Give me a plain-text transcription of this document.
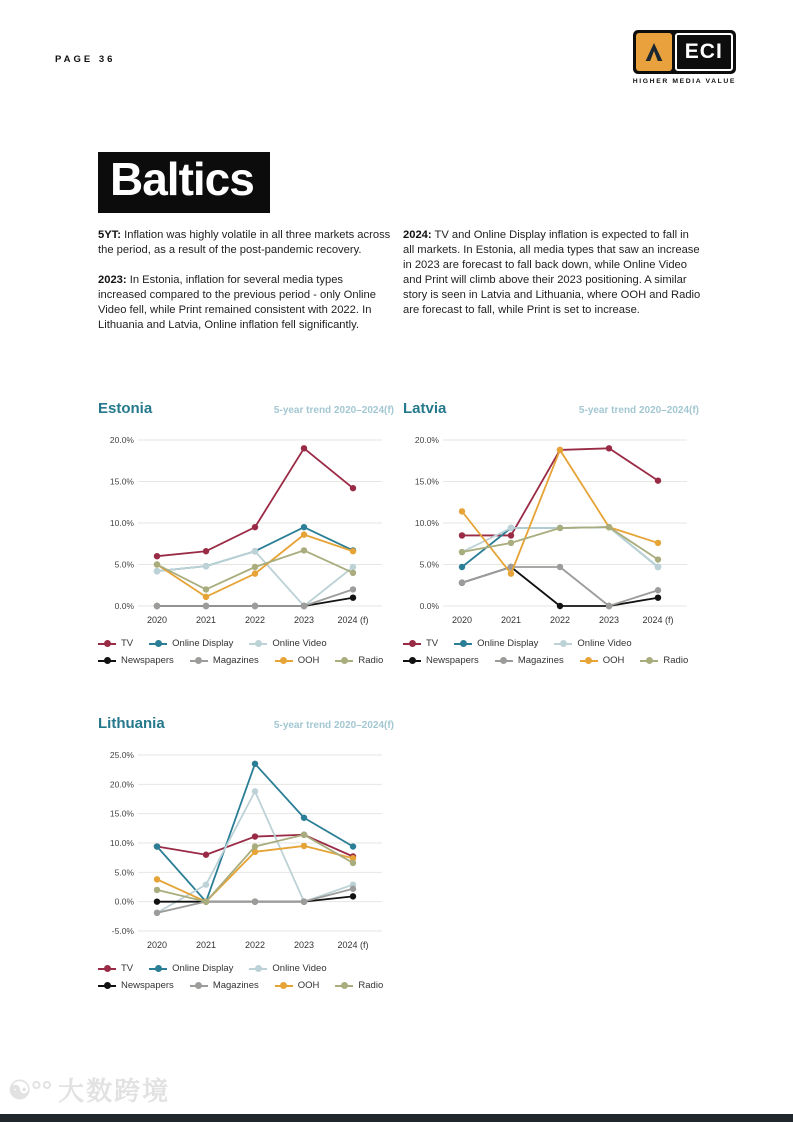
PAGE 36	ECI
HIGHER MEDIA VALUE
Baltics

5YT: Inflation was highly volatile in all three markets across the period, as a result of the post-pandemic recovery.

2023: In Estonia, inflation for several media types increased compared to the previous period - only Online Video fell, while Print remained consistent with 2022. In Lithuania and Latvia, Online inflation fell significantly.

2024: TV and Online Display inflation is expected to fall in all markets. In Estonia, all media types that saw an increase in 2023 are forecast to fall back down, while Online Video and Print will climb above their 2023 positioning. A similar story is seen in Latvia and Lithuania, where OOH and Radio are forecast to fall, while Print is set to increase.

Estonia	5-year trend 2020–2024(f)
20.0%
15.0%
10.0%
5.0%
0.0%
2020	2021	2022	2023	2024 (f)
TV	Online Display	Online Video
Newspapers	Magazines	OOH	Radio
Latvia	5-year trend 2020–2024(f)
20.0%
15.0%
10.0%
5.0%
0.0%
2020	2021	2022	2023	2024 (f)
TV	Online Display	Online Video
Newspapers	Magazines	OOH	Radio
Lithuania	5-year trend 2020–2024(f)
25.0%
20.0%
15.0%
10.0%
5.0%
0.0%
-5.0%
2020	2021	2022	2023	2024 (f)
TV	Online Display	Online Video
Newspapers	Magazines	OOH	Radio
☯°° 大数跨境
